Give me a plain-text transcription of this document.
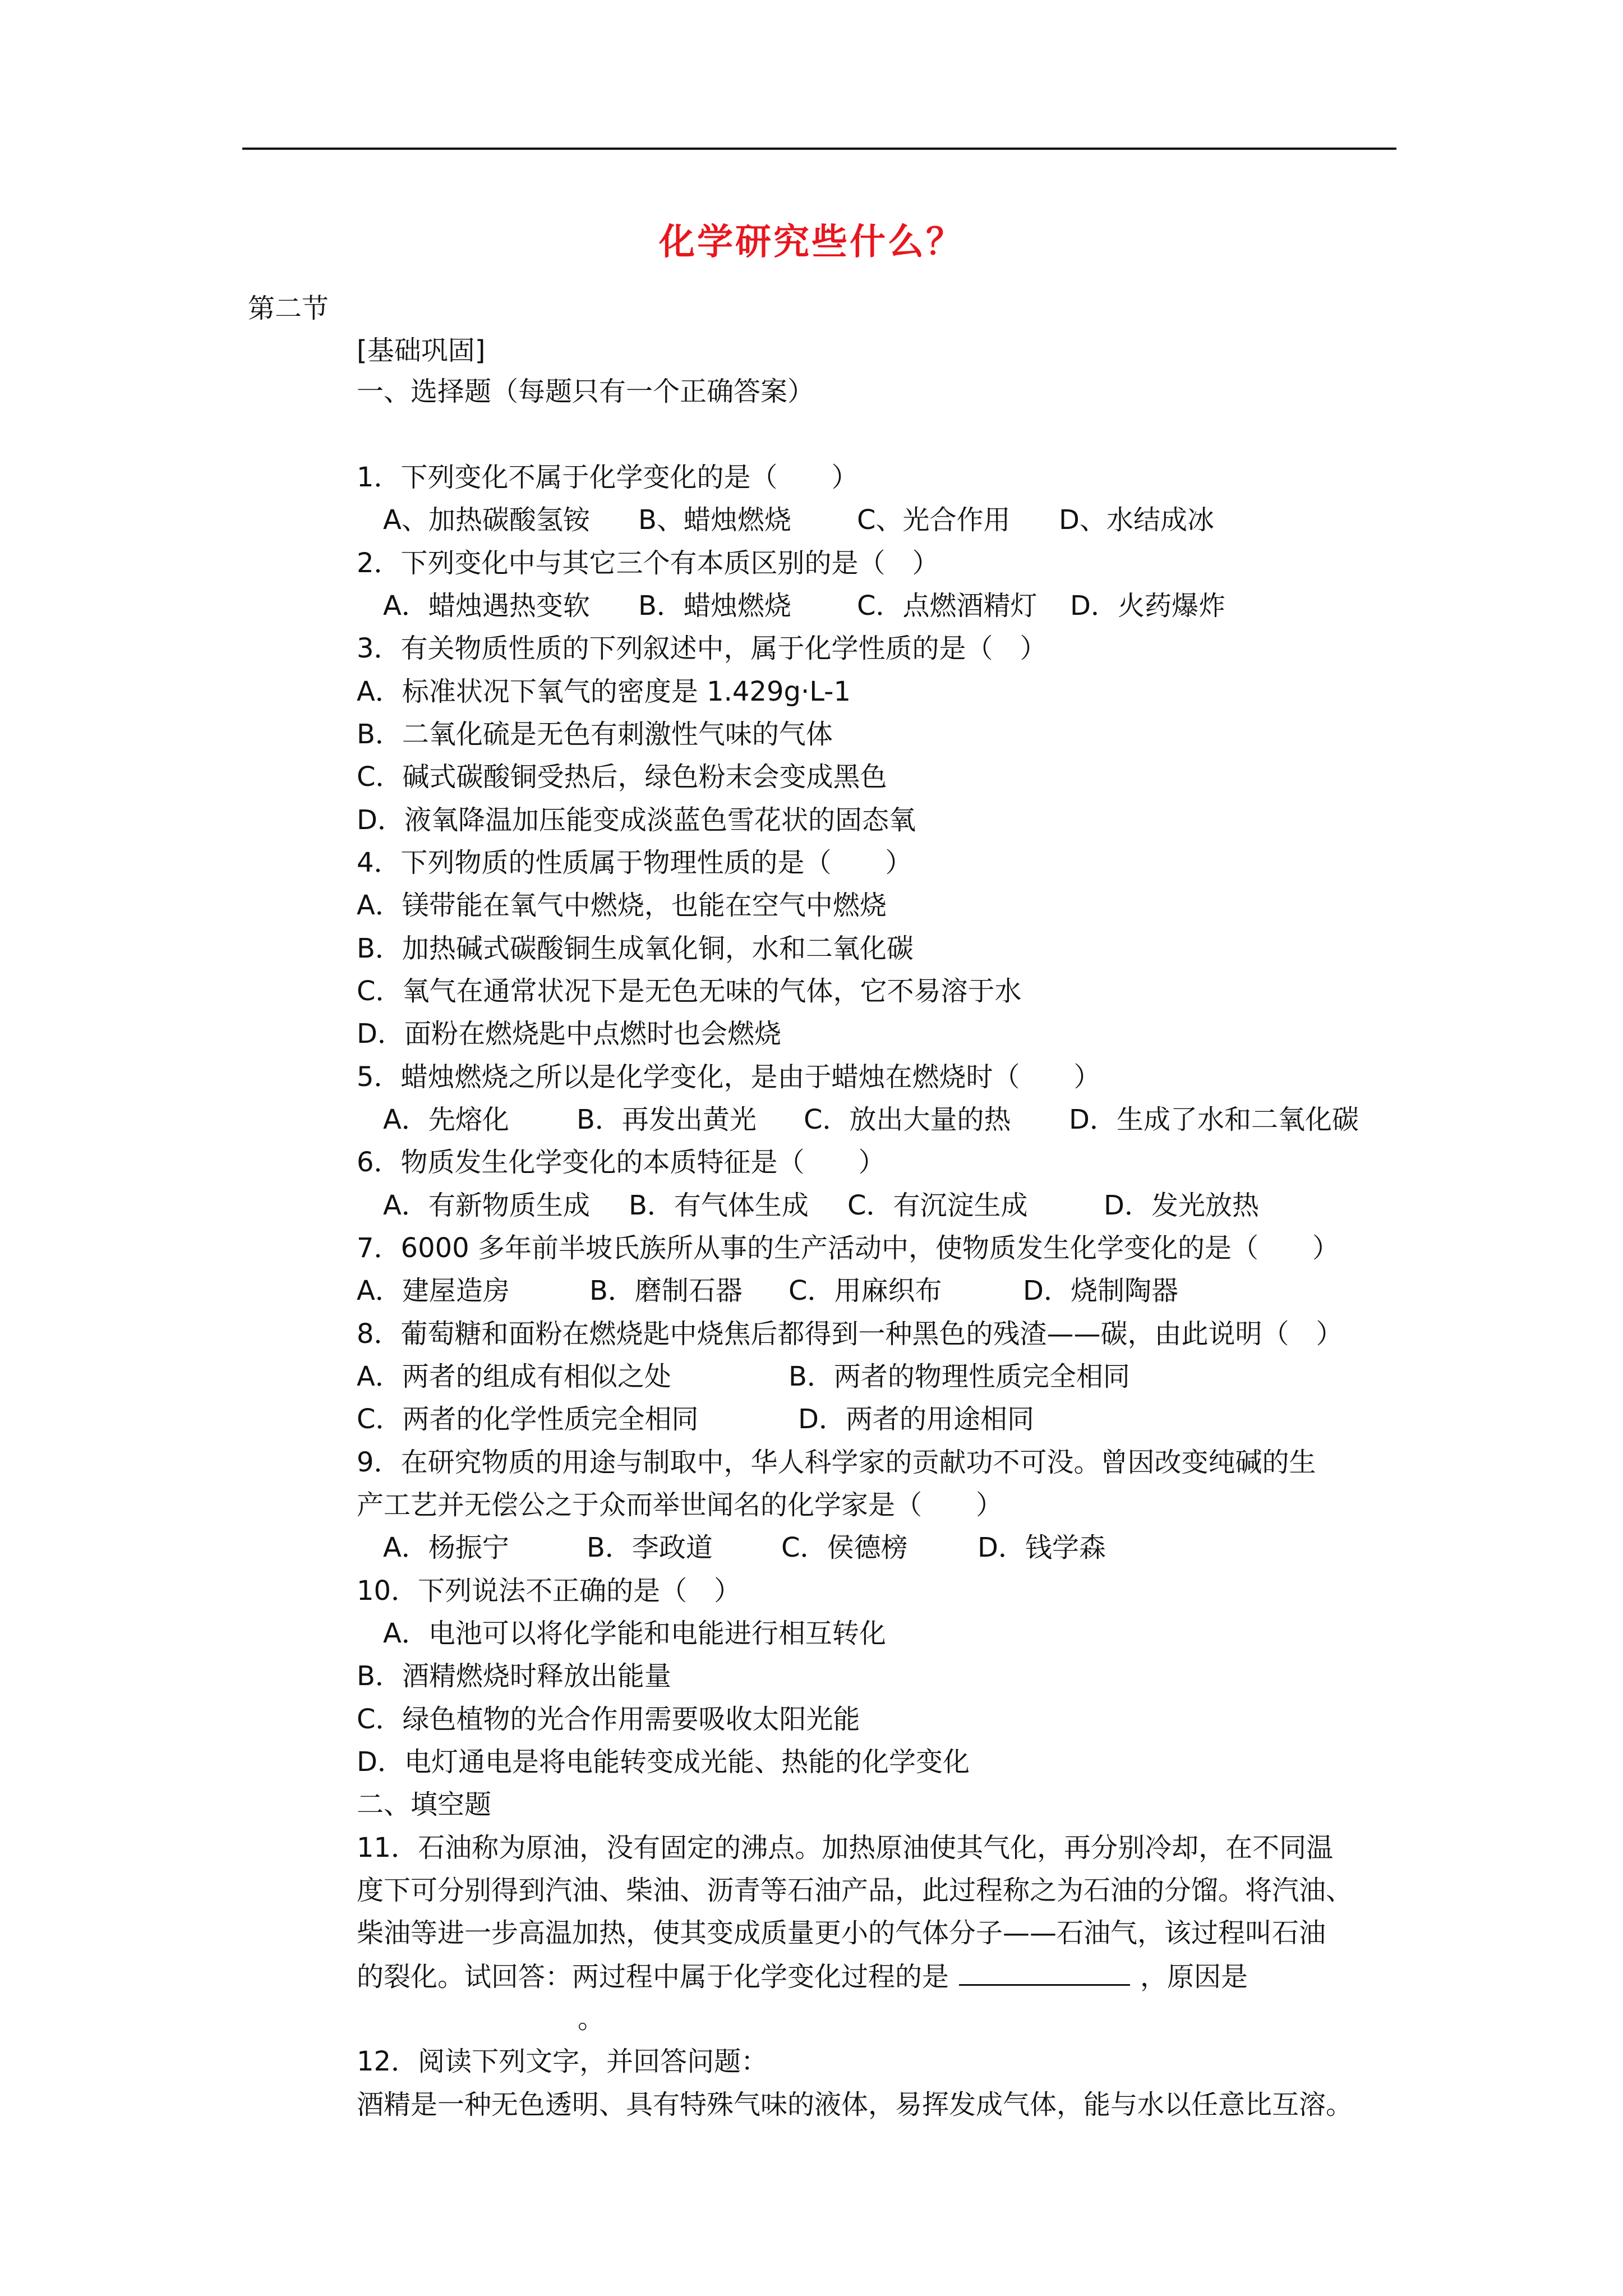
化学研究些什么？
第二节
[基础巩固]
一、选择题（每题只有一个正确答案）
1．下列变化不属于化学变化的是（　　）
A、加热碳酸氢铵 B、蜡烛燃烧 C、光合作用 D、水结成冰
2．下列变化中与其它三个有本质区别的是（　）
A．蜡烛遇热变软 B．蜡烛燃烧 C．点燃酒精灯 D．火药爆炸
3．有关物质性质的下列叙述中，属于化学性质的是（　）
A．标准状况下氧气的密度是 1.429g·L-1
B．二氧化硫是无色有刺激性气味的气体
C．碱式碳酸铜受热后，绿色粉末会变成黑色
D．液氧降温加压能变成淡蓝色雪花状的固态氧
4．下列物质的性质属于物理性质的是（　　）
A．镁带能在氧气中燃烧，也能在空气中燃烧
B．加热碱式碳酸铜生成氧化铜，水和二氧化碳
C．氧气在通常状况下是无色无味的气体，它不易溶于水
D．面粉在燃烧匙中点燃时也会燃烧
5．蜡烛燃烧之所以是化学变化，是由于蜡烛在燃烧时（　　）
A．先熔化	B．再发出黄光 C．放出大量的热 D．生成了水和二氧化碳
6．物质发生化学变化的本质特征是（　　）
A．有新物质生成 B．有气体生成 C．有沉淀生成	D．发光放热
7．6000 多年前半坡氏族所从事的生产活动中，使物质发生化学变化的是（　　）
A．建屋造房	B．磨制石器 C．用麻织布	D．烧制陶器
8．葡萄糖和面粉在燃烧匙中烧焦后都得到一种黑色的残渣——碳，由此说明（　）
A．两者的组成有相似之处	B．两者的物理性质完全相同
C．两者的化学性质完全相同	D．两者的用途相同
9．在研究物质的用途与制取中，华人科学家的贡献功不可没。曾因改变纯碱的生
产工艺并无偿公之于众而举世闻名的化学家是（　　）
A．杨振宁	B．李政道	C．侯德榜	D．钱学森
10．下列说法不正确的是（　）
A．电池可以将化学能和电能进行相互转化
B．酒精燃烧时释放出能量
C．绿色植物的光合作用需要吸收太阳光能
D．电灯通电是将电能转变成光能、热能的化学变化
二、填空题
11．石油称为原油，没有固定的沸点。加热原油使其气化，再分别冷却，在不同温
度下可分别得到汽油、柴油、沥青等石油产品，此过程称之为石油的分馏。将汽油、
柴油等进一步高温加热，使其变成质量更小的气体分子——石油气，该过程叫石油
的裂化。试回答：两过程中属于化学变化过程的是	，原因是
。
12．阅读下列文字，并回答问题：
酒精是一种无色透明、具有特殊气味的液体，易挥发成气体，能与水以任意比互溶。
